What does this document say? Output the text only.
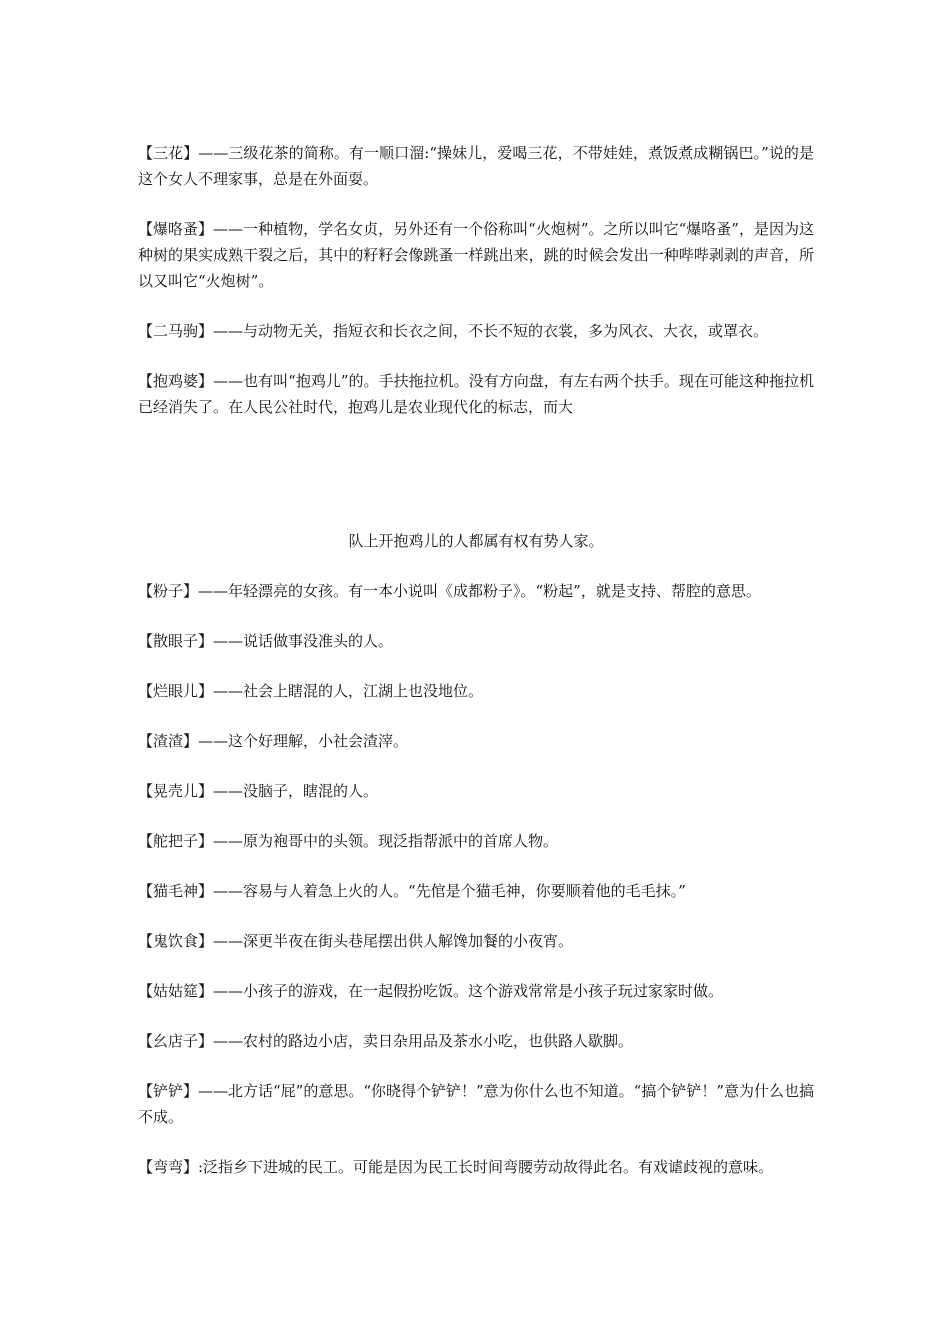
【三花】——三级花茶的简称。有一顺口溜:“操妹儿，爱喝三花，不带娃娃，煮饭煮成糊锅巴。”说的是这个女人不理家事，总是在外面耍。

【爆咯蚤】——一种植物，学名女贞，另外还有一个俗称叫“火炮树”。之所以叫它“爆咯蚤”，是因为这种树的果实成熟干裂之后，其中的籽籽会像跳蚤一样跳出来，跳的时候会发出一种哔哔剥剥的声音，所以又叫它“火炮树”。

【二马驹】——与动物无关，指短衣和长衣之间，不长不短的衣裳，多为风衣、大衣，或罩衣。

【抱鸡婆】——也有叫“抱鸡儿”的。手扶拖拉机。没有方向盘，有左右两个扶手。现在可能这种拖拉机已经消失了。在人民公社时代，抱鸡儿是农业现代化的标志，而大

队上开抱鸡儿的人都属有权有势人家。

【粉子】——年轻漂亮的女孩。有一本小说叫《成都粉子》。“粉起”，就是支持、帮腔的意思。

【散眼子】——说话做事没准头的人。

【烂眼儿】——社会上瞎混的人，江湖上也没地位。

【渣渣】——这个好理解，小社会渣滓。

【晃壳儿】——没脑子，瞎混的人。

【舵把子】——原为袍哥中的头领。现泛指帮派中的首席人物。

【猫毛神】——容易与人着急上火的人。“先倌是个猫毛神，你要顺着他的毛毛抹。”

【鬼饮食】——深更半夜在街头巷尾摆出供人解馋加餐的小夜宵。

【姑姑筵】——小孩子的游戏，在一起假扮吃饭。这个游戏常常是小孩子玩过家家时做。

【幺店子】——农村的路边小店，卖日杂用品及茶水小吃，也供路人歇脚。

【铲铲】——北方话“屁”的意思。“你晓得个铲铲！”意为你什么也不知道。“搞个铲铲！”意为什么也搞不成。

【弯弯】:泛指乡下进城的民工。可能是因为民工长时间弯腰劳动故得此名。有戏谑歧视的意味。
